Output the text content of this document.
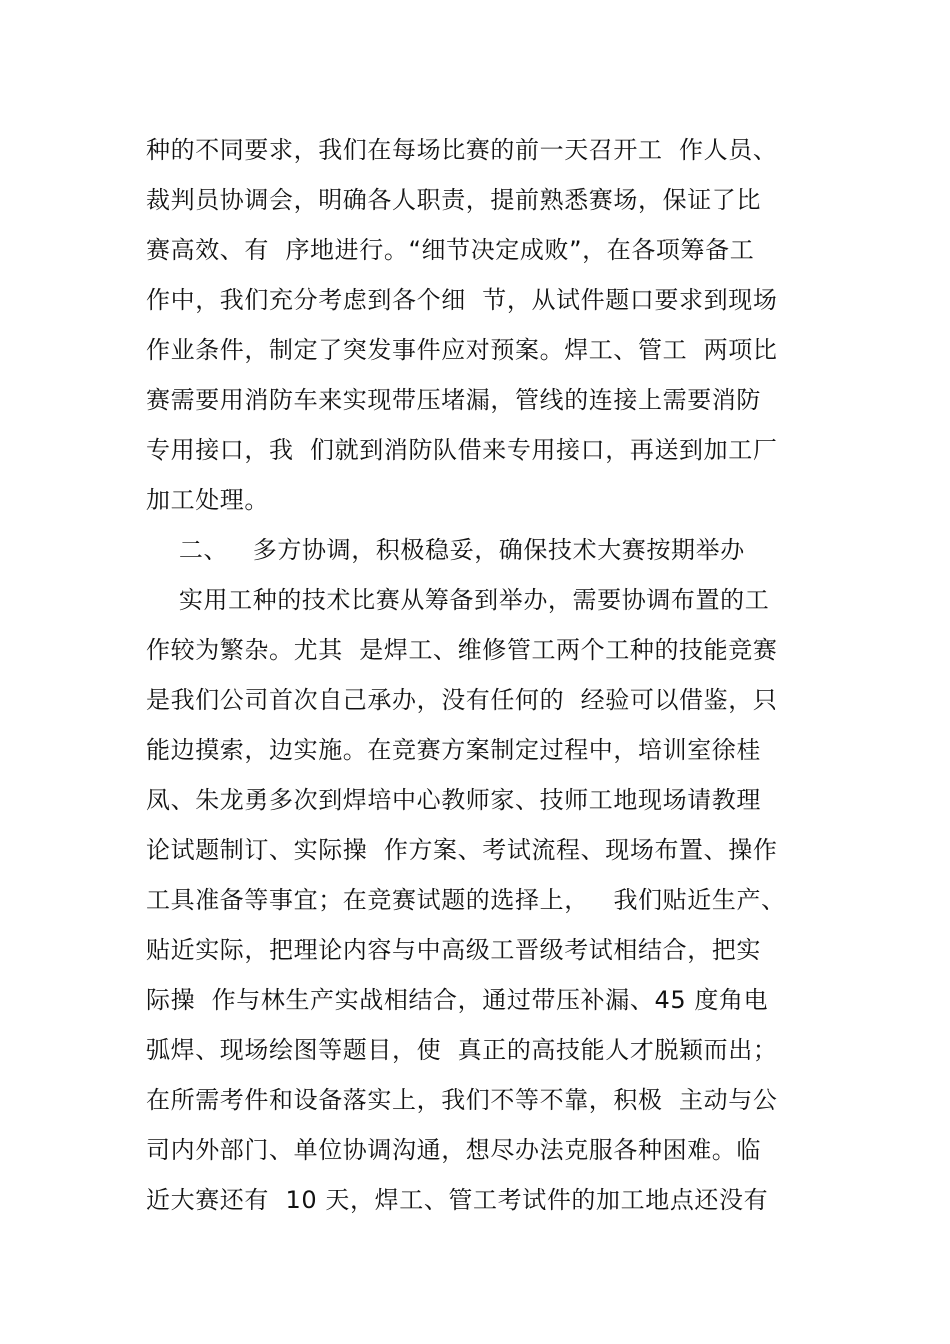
种的不同要求，我们在每场比赛的前一天召开工  作人员、
裁判员协调会，明确各人职责，提前熟悉赛场，保证了比
赛高效、有  序地进行。“细节决定成败”，在各项筹备工
作中，我们充分考虑到各个细  节，从试件题口要求到现场
作业条件，制定了突发事件应对预案。焊工、管工  两项比
赛需要用消防车来实现带压堵漏，管线的连接上需要消防
专用接口，我  们就到消防队借来专用接口，再送到加工厂
加工处理。
二、   多方协调，积极稳妥，确保技术大赛按期举办
实用工种的技术比赛从筹备到举办，需要协调布置的工
作较为繁杂。尤其  是焊工、维修管工两个工种的技能竞赛
是我们公司首次自己承办，没有任何的  经验可以借鉴，只
能边摸索，边实施。在竞赛方案制定过程中，培训室徐桂
凤、朱龙勇多次到焊培中心教师家、技师工地现场请教理
论试题制订、实际操  作方案、考试流程、现场布置、操作
工具准备等事宜；在竞赛试题的选择上，   我们贴近生产、
贴近实际，把理论内容与中高级工晋级考试相结合，把实
际操  作与林生产实战相结合，通过带压补漏、45 度角电
弧焊、现场绘图等题目，使  真正的高技能人才脱颖而出；
在所需考件和设备落实上，我们不等不靠，积极  主动与公
司内外部门、单位协调沟通，想尽办法克服各种困难。临
近大赛还有  10 天，焊工、管工考试件的加工地点还没有
